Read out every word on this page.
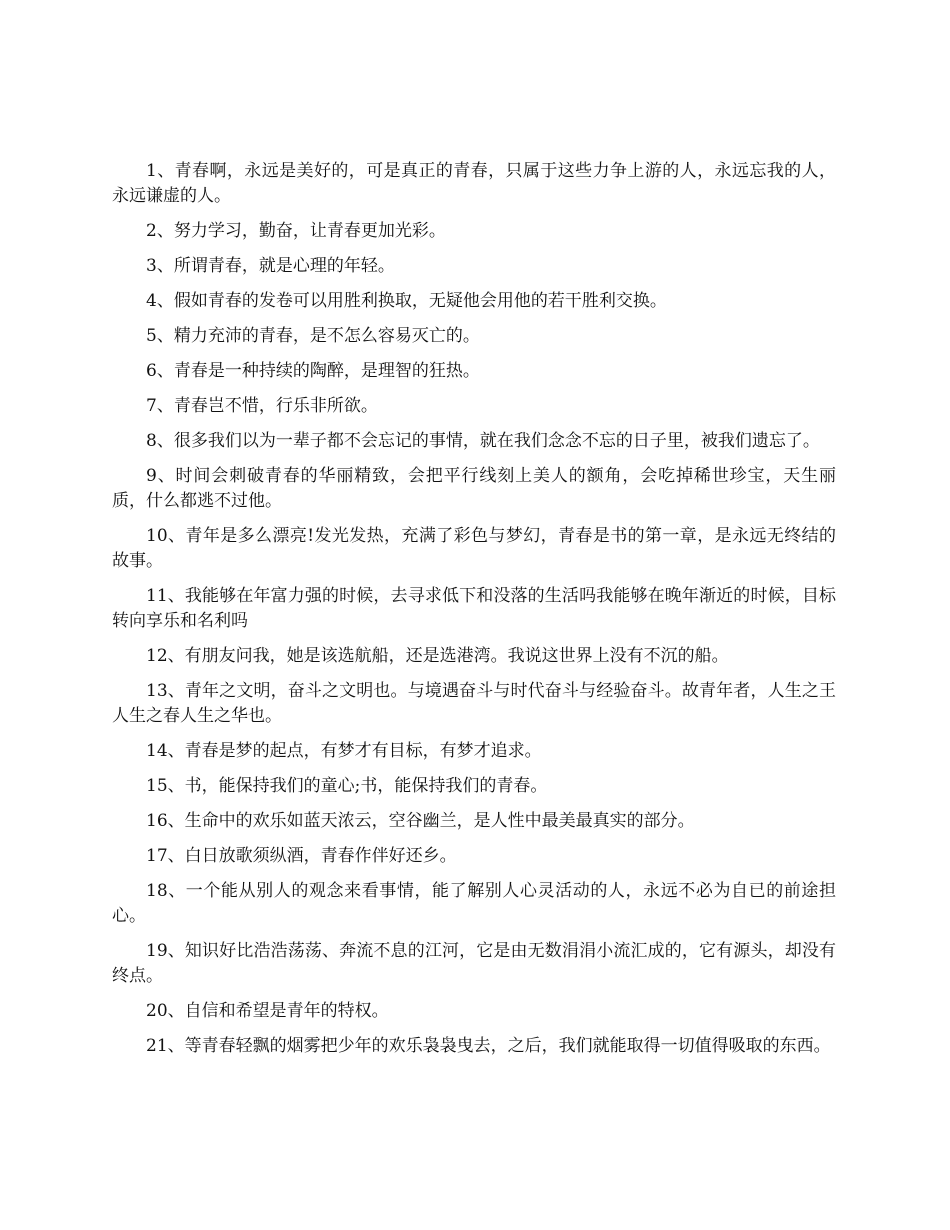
1、青春啊，永远是美好的，可是真正的青春，只属于这些力争上游的人，永远忘我的人，永远谦虚的人。

2、努力学习，勤奋，让青春更加光彩。

3、所谓青春，就是心理的年轻。

4、假如青春的发卷可以用胜利换取，无疑他会用他的若干胜利交换。

5、精力充沛的青春，是不怎么容易灭亡的。

6、青春是一种持续的陶醉，是理智的狂热。

7、青春岂不惜，行乐非所欲。

8、很多我们以为一辈子都不会忘记的事情，就在我们念念不忘的日子里，被我们遗忘了。

9、时间会刺破青春的华丽精致，会把平行线刻上美人的额角，会吃掉稀世珍宝，天生丽质，什么都逃不过他。

10、青年是多么漂亮!发光发热，充满了彩色与梦幻，青春是书的第一章，是永远无终结的故事。

11、我能够在年富力强的时候，去寻求低下和没落的生活吗我能够在晚年渐近的时候，目标转向享乐和名利吗

12、有朋友问我，她是该选航船，还是选港湾。我说这世界上没有不沉的船。

13、青年之文明，奋斗之文明也。与境遇奋斗与时代奋斗与经验奋斗。故青年者，人生之王人生之春人生之华也。

14、青春是梦的起点，有梦才有目标，有梦才追求。

15、书，能保持我们的童心;书，能保持我们的青春。

16、生命中的欢乐如蓝天浓云，空谷幽兰，是人性中最美最真实的部分。

17、白日放歌须纵酒，青春作伴好还乡。

18、一个能从别人的观念来看事情，能了解别人心灵活动的人，永远不必为自已的前途担心。

19、知识好比浩浩荡荡、奔流不息的江河，它是由无数涓涓小流汇成的，它有源头，却没有终点。

20、自信和希望是青年的特权。

21、等青春轻飘的烟雾把少年的欢乐袅袅曳去，之后，我们就能取得一切值得吸取的东西。
